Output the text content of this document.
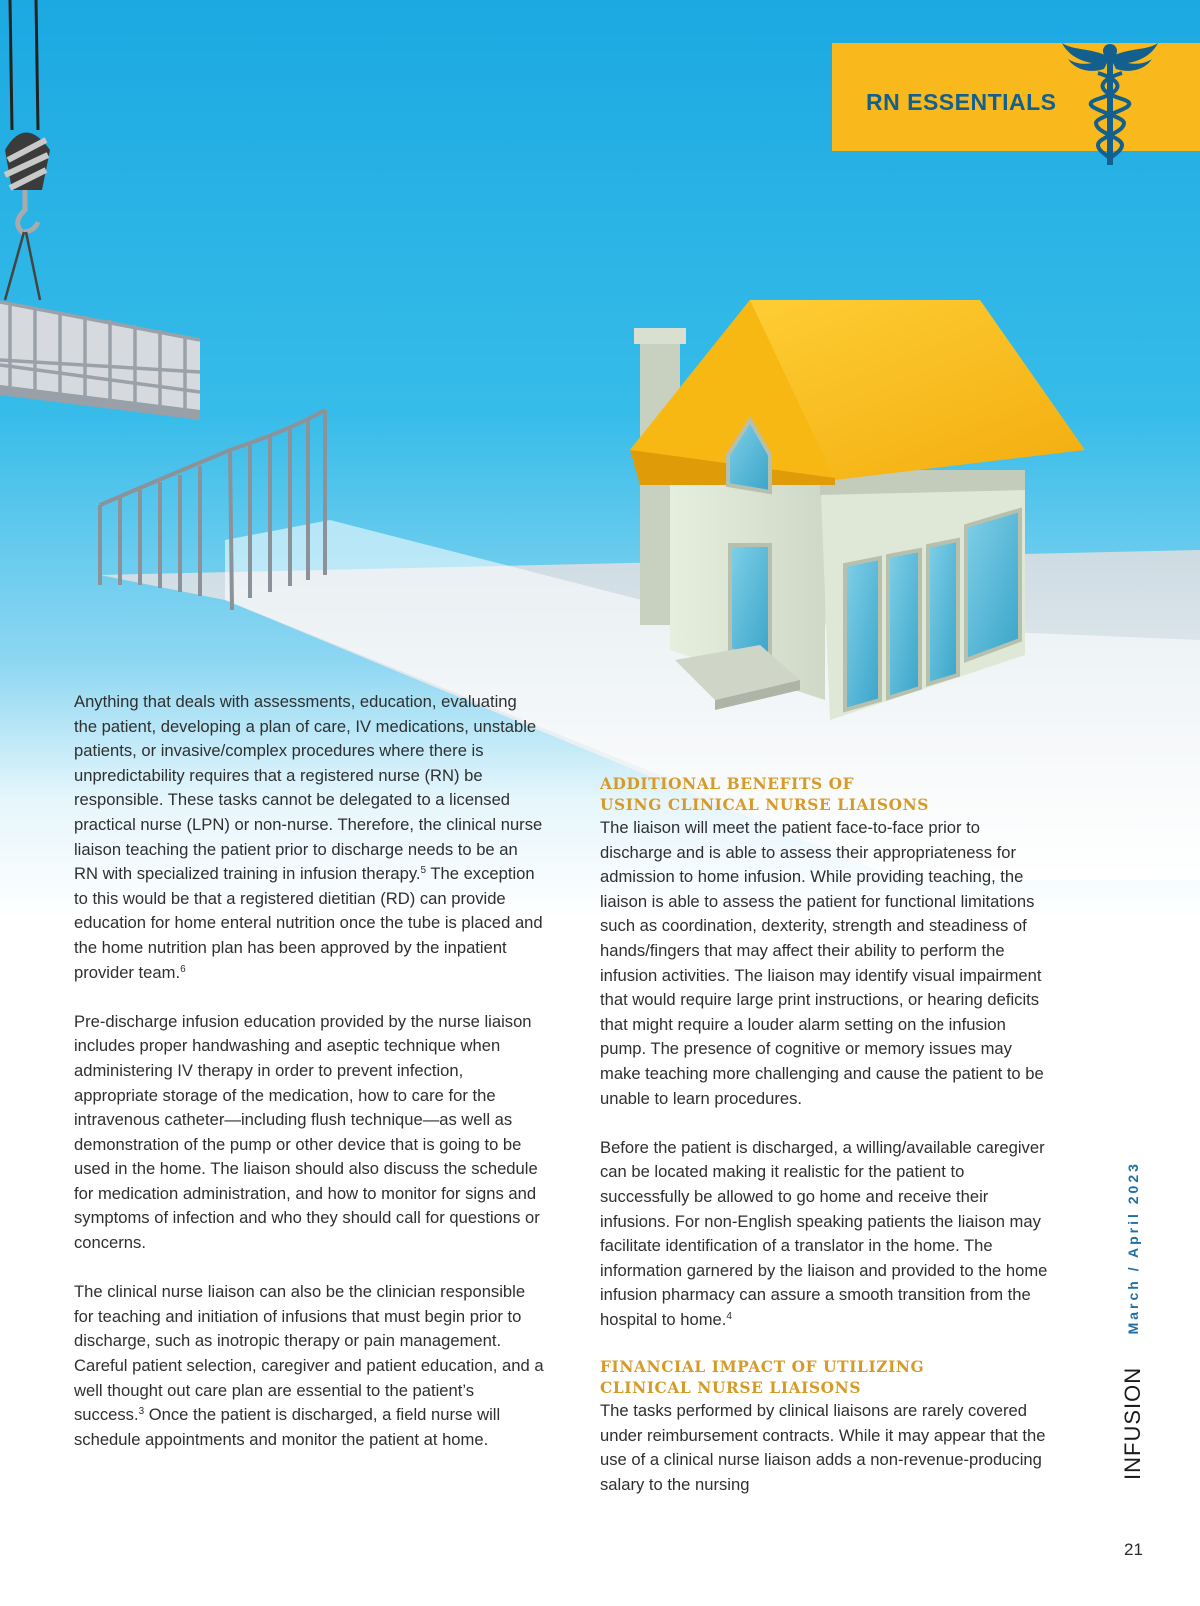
RN ESSENTIALS

Anything that deals with assessments, education, evaluating the patient, developing a plan of care, IV medications, unstable patients, or invasive/complex procedures where there is unpredictability requires that a registered nurse (RN) be responsible. These tasks cannot be delegated to a licensed practical nurse (LPN) or non-nurse. Therefore, the clinical nurse liaison teaching the patient prior to discharge needs to be an RN with specialized training in infusion therapy.$^5$ The exception to this would be that a registered dietitian (RD) can provide education for home enteral nutrition once the tube is placed and the home nutrition plan has been approved by the inpatient provider team.$^6$

Pre-discharge infusion education provided by the nurse liaison includes proper handwashing and aseptic technique when administering IV therapy in order to prevent infection, appropriate storage of the medication, how to care for the intravenous catheter—including flush technique—as well as demonstration of the pump or other device that is going to be used in the home. The liaison should also discuss the schedule for medication administration, and how to monitor for signs and symptoms of infection and who they should call for questions or concerns.

The clinical nurse liaison can also be the clinician responsible for teaching and initiation of infusions that must begin prior to discharge, such as inotropic therapy or pain management. Careful patient selection, caregiver and patient education, and a well thought out care plan are essential to the patient’s success.$^3$ Once the patient is discharged, a field nurse will schedule appointments and monitor the patient at home.

ADDITIONAL BENEFITS OF
USING CLINICAL NURSE LIAISONS

The liaison will meet the patient face-to-face prior to discharge and is able to assess their appropriateness for admission to home infusion. While providing teaching, the liaison is able to assess the patient for functional limitations such as coordination, dexterity, strength and steadiness of hands/fingers that may affect their ability to perform the infusion activities. The liaison may identify visual impairment that would require large print instructions, or hearing deficits that might require a louder alarm setting on the infusion pump. The presence of cognitive or memory issues may make teaching more challenging and cause the patient to be unable to learn procedures.

Before the patient is discharged, a willing/available caregiver can be located making it realistic for the patient to successfully be allowed to go home and receive their infusions. For non-English speaking patients the liaison may facilitate identification of a translator in the home. The information garnered by the liaison and provided to the home infusion pharmacy can assure a smooth transition from the hospital to home.$^4$

FINANCIAL IMPACT OF UTILIZING
CLINICAL NURSE LIAISONS

The tasks performed by clinical liaisons are rarely covered under reimbursement contracts. While it may appear that the use of a clinical nurse liaison adds a non-revenue-producing salary to the nursing

INFUSION March / April 2023
21
